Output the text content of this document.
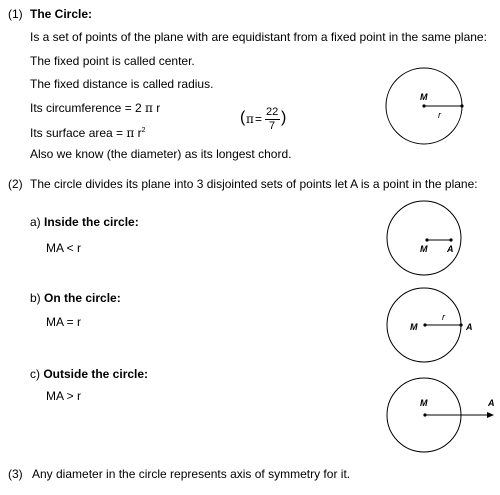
(1) The Circle:
Is a set of points of the plane with are equidistant from a fixed point in the same plane:
The fixed point is called center.
The fixed distance is called radius.
Its circumference = 2 π r
Its surface area = π $r^2$
( π = 22
7 )
Also we know (the diameter) as its longest chord.
(2) The circle divides its plane into 3 disjointed sets of points let A is a point in the plane:
a) Inside the circle:
MA < r
b) On the circle:
MA = r
c) Outside the circle:
MA > r
(3) Any diameter in the circle represents axis of symmetry for it.
M
r
M A
M	A
r
M	A
